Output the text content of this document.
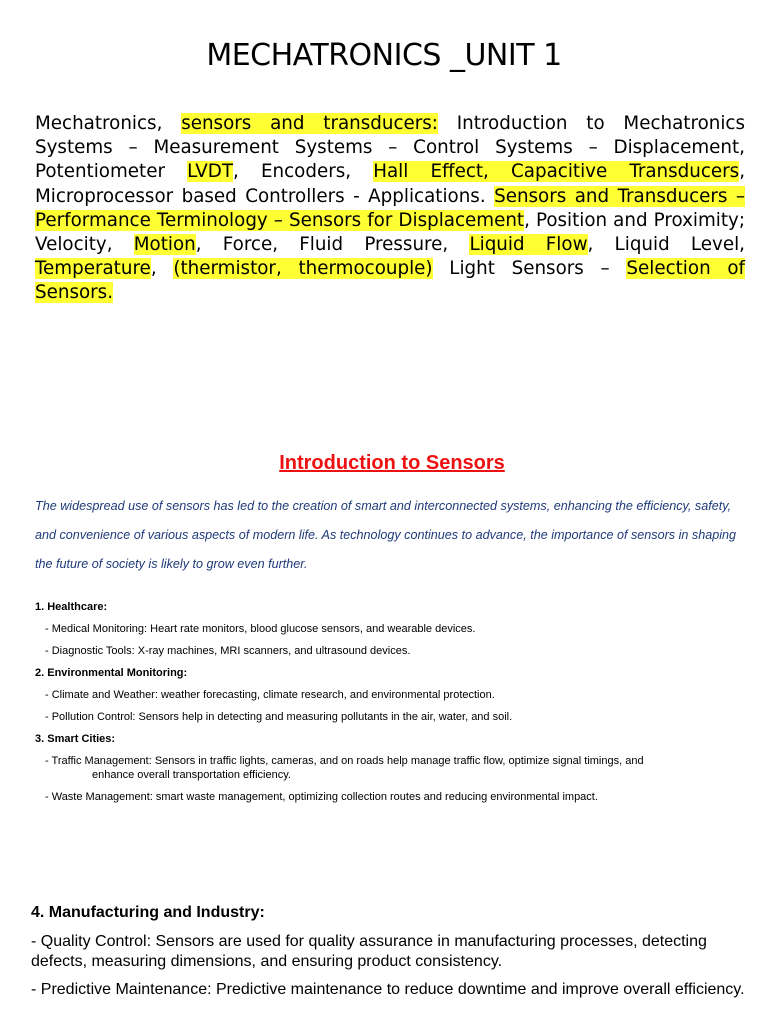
MECHATRONICS _UNIT 1
Mechatronics, sensors and transducers: Introduction to Mechatronics Systems – Measurement Systems – Control Systems – Displacement, Potentiometer LVDT, Encoders, Hall Effect, Capacitive Transducers, Microprocessor based Controllers - Applications. Sensors and Transducers – Performance Terminology – Sensors for Displacement, Position and Proximity; Velocity, Motion, Force, Fluid Pressure, Liquid Flow, Liquid Level, Temperature, (thermistor, thermocouple) Light Sensors – Selection of Sensors.
Introduction to Sensors
The widespread use of sensors has led to the creation of smart and interconnected systems, enhancing the efficiency, safety, and convenience of various aspects of modern life. As technology continues to advance, the importance of sensors in shaping the future of society is likely to grow even further.
1. Healthcare:
- Medical Monitoring: Heart rate monitors, blood glucose sensors, and wearable devices.
- Diagnostic Tools: X-ray machines, MRI scanners, and ultrasound devices.
2. Environmental Monitoring:
- Climate and Weather: weather forecasting, climate research, and environmental protection.
- Pollution Control: Sensors help in detecting and measuring pollutants in the air, water, and soil.
3. Smart Cities:
- Traffic Management: Sensors in traffic lights, cameras, and on roads help manage traffic flow, optimize signal timings, and
enhance overall transportation efficiency.
- Waste Management: smart waste management, optimizing collection routes and reducing environmental impact.
4. Manufacturing and Industry:
- Quality Control: Sensors are used for quality assurance in manufacturing processes, detecting defects, measuring dimensions, and ensuring product consistency.
- Predictive Maintenance: Predictive maintenance to reduce downtime and improve overall efficiency.
